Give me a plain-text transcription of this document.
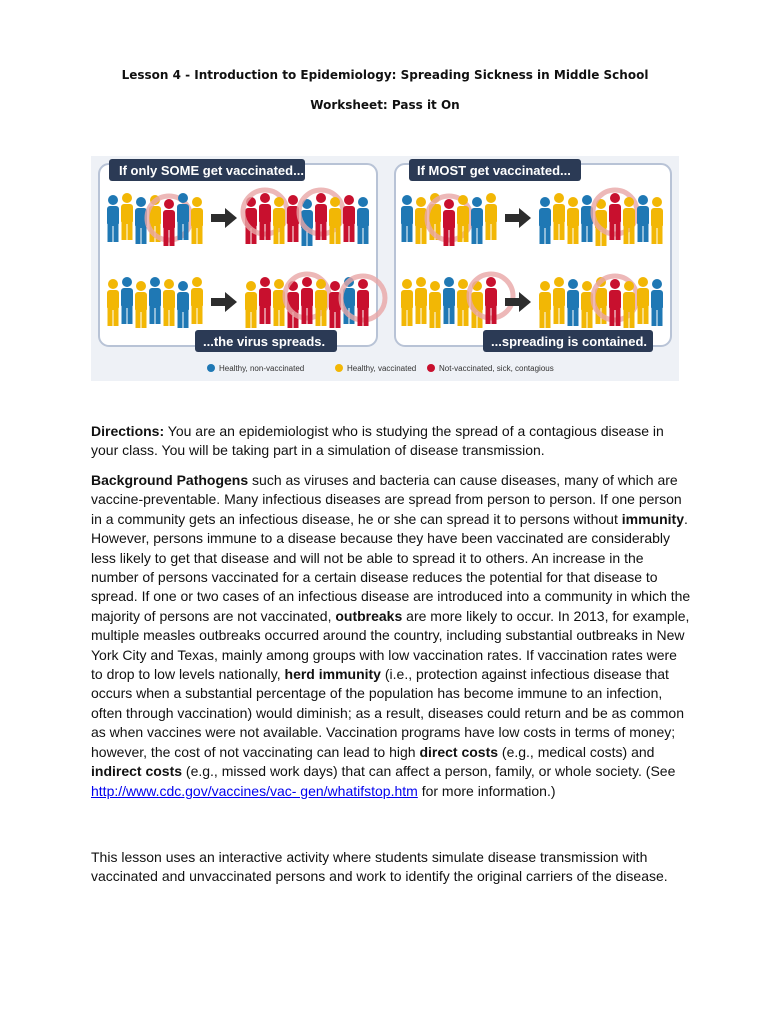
Lesson 4 - Introduction to Epidemiology: Spreading Sickness in Middle School
Worksheet: Pass it On
If only SOME get vaccinated...	If MOST get vaccinated...
...the virus spreads.	...spreading is contained.
Healthy, non-vaccinated	Healthy, vaccinated	Not-vaccinated, sick, contagious

Directions: You are an epidemiologist who is studying the spread of a contagious disease in your class. You will be taking part in a simulation of disease transmission.

Background Pathogens such as viruses and bacteria can cause diseases, many of which are vaccine-preventable. Many infectious diseases are spread from person to person. If one person in a community gets an infectious disease, he or she can spread it to persons without immunity. However, persons immune to a disease because they have been vaccinated are considerably less likely to get that disease and will not be able to spread it to others. An increase in the number of persons vaccinated for a certain disease reduces the potential for that disease to spread. If one or two cases of an infectious disease are introduced into a community in which the majority of persons are not vaccinated, outbreaks are more likely to occur. In 2013, for example, multiple measles outbreaks occurred around the country, including substantial outbreaks in New York City and Texas, mainly among groups with low vaccination rates. If vaccination rates were to drop to low levels nationally, herd immunity (i.e., protection against infectious disease that occurs when a substantial percentage of the population has become immune to an infection, often through vaccination) would diminish; as a result, diseases could return and be as common as when vaccines were not available. Vaccination programs have low costs in terms of money; however, the cost of not vaccinating can lead to high direct costs (e.g., medical costs) and indirect costs (e.g., missed work days) that can affect a person, family, or whole society. (See http://www.cdc.gov/vaccines/vac- gen/whatifstop.htm for more information.)

This lesson uses an interactive activity where students simulate disease transmission with vaccinated and unvaccinated persons and work to identify the original carriers of the disease.
